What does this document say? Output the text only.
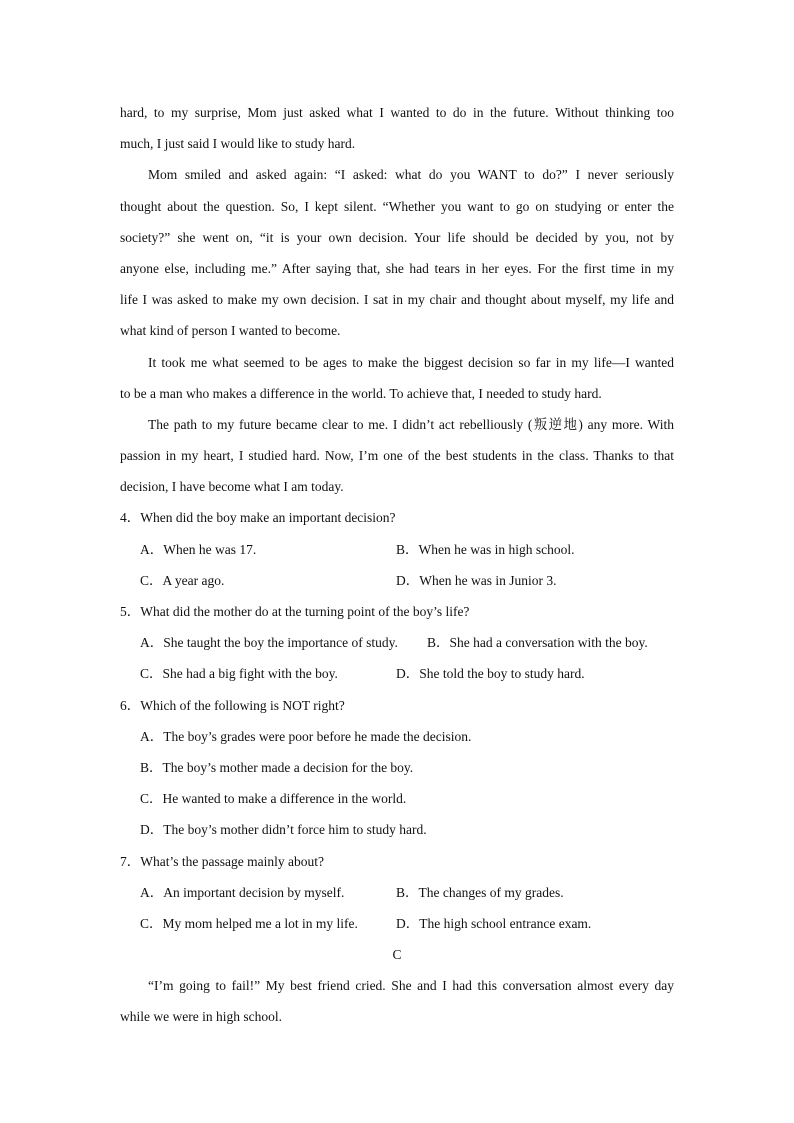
hard, to my surprise, Mom just asked what I wanted to do in the future. Without thinking too
much, I just said I would like to study hard.
Mom smiled and asked again: “I asked: what do you WANT to do?” I never seriously
thought about the question. So, I kept silent. “Whether you want to go on studying or enter the
society?” she went on, “it is your own decision. Your life should be decided by you, not by
anyone else, including me.” After saying that, she had tears in her eyes. For the first time in my
life I was asked to make my own decision. I sat in my chair and thought about myself, my life and
what kind of person I wanted to become.
It took me what seemed to be ages to make the biggest decision so far in my life—I wanted
to be a man who makes a difference in the world. To achieve that, I needed to study hard.
The path to my future became clear to me. I didn’t act rebelliously (叛逆地) any more. With
passion in my heart, I studied hard. Now, I’m one of the best students in the class. Thanks to that
decision, I have become what I am today.
4．When did the boy make an important decision?
A．When he was 17.	B．When he was in high school.
C．A year ago.	D．When he was in Junior 3.
5．What did the mother do at the turning point of the boy’s life?
A．She taught the boy the importance of study. B．She had a conversation with the boy.
C．She had a big fight with the boy.	D．She told the boy to study hard.
6．Which of the following is NOT right?
A．The boy’s grades were poor before he made the decision.
B．The boy’s mother made a decision for the boy.
C．He wanted to make a difference in the world.
D．The boy’s mother didn’t force him to study hard.
7．What’s the passage mainly about?
A．An important decision by myself.	B．The changes of my grades.
C．My mom helped me a lot in my life.	D．The high school entrance exam.
C
“I’m going to fail!” My best friend cried. She and I had this conversation almost every day
while we were in high school.
